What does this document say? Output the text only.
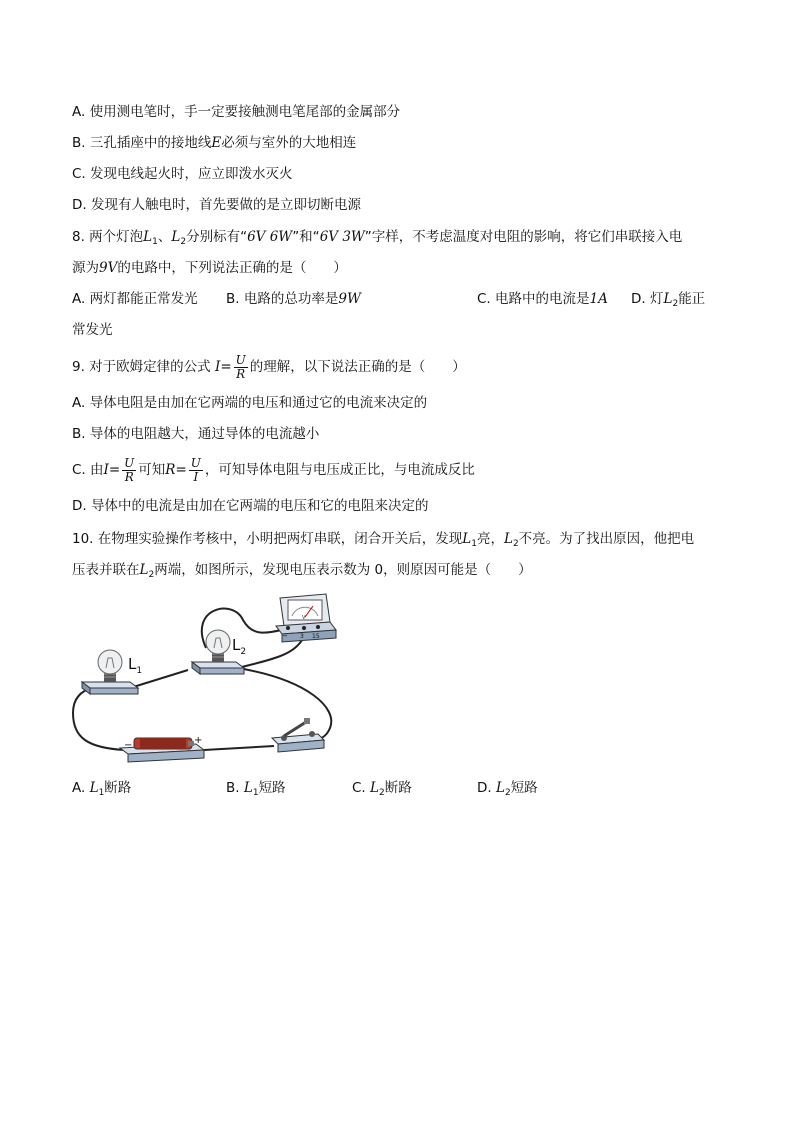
A. 使用测电笔时，手一定要接触测电笔尾部的金属部分
B. 三孔插座中的接地线E必须与室外的大地相连
C. 发现电线起火时，应立即泼水灭火
D. 发现有人触电时，首先要做的是立即切断电源
8. 两个灯泡$L_1$、$L_2$分别标有“6V 6W”和“6V 3W”字样，不考虑温度对电阻的影响，将它们串联接入电
源为9V的电路中，下列说法正确的是（　　）
A. 两灯都能正常发光 B. 电路的总功率是9W	C. 电路中的电流是1A D. 灯$L_2$能正
常发光
9. 对于欧姆定律的公式 $I= \frac{U}{R}$ 的理解，以下说法正确的是（　　）
A. 导体电阻是由加在它两端的电压和通过它的电流来决定的
B. 导体的电阻越大，通过导体的电流越小
C. 由$I= \frac{U}{R}$ 可知$R= \frac{U}{I}$ ，可知导体电阻与电压成正比，与电流成反比
D. 导体中的电流是由加在它两端的电压和它的电阻来决定的
10. 在物理实验操作考核中，小明把两灯串联，闭合开关后，发现$L_1$亮，$L_2$不亮。为了找出原因，他把电
压表并联在$L_2$两端，如图所示，发现电压表示数为 0，则原因可能是（　　）
$L_1$
$L_2$
V
− 3 15
−	+
A. $L_1$断路	B. $L_1$短路	C. $L_2$断路	D. $L_2$短路
